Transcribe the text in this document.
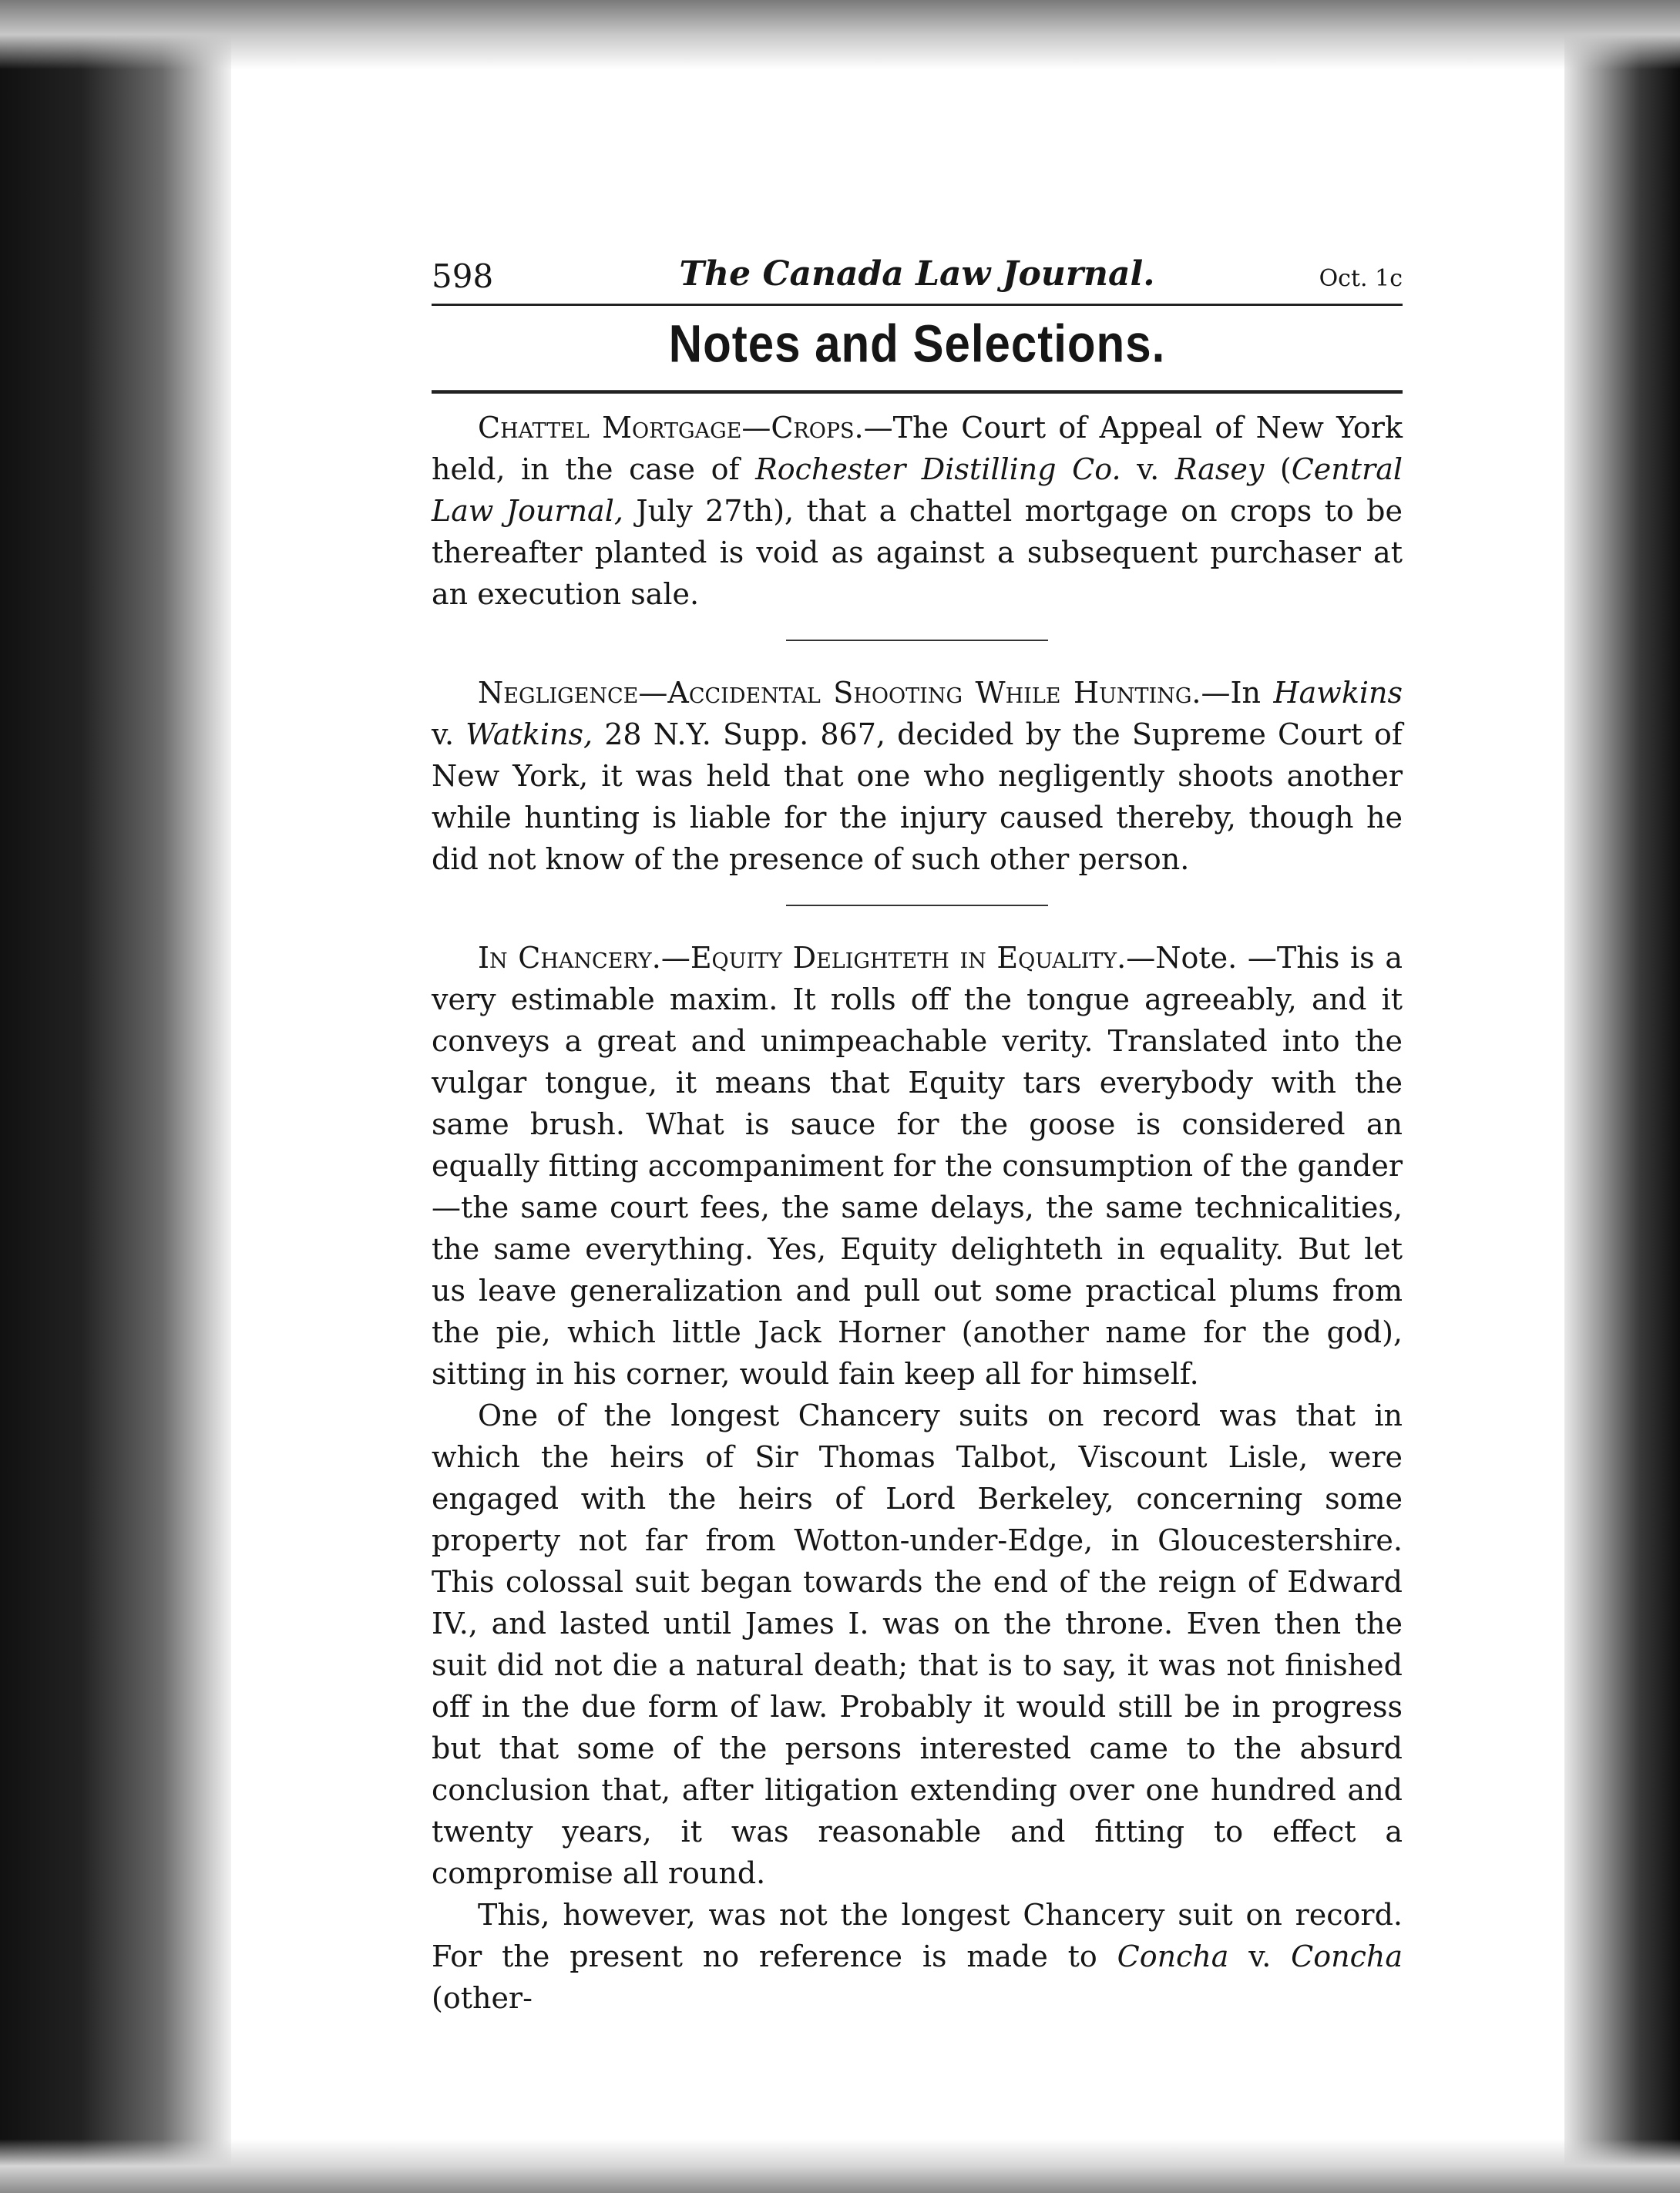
598	The Canada Law Journal.	Oct. 1c
Notes and Selections.

Chattel Mortgage—Crops.—The Court of Appeal of New York held, in the case of Rochester Distilling Co. v. Rasey (Central Law Journal, July 27th), that a chattel mortgage on crops to be thereafter planted is void as against a subsequent purchaser at an execution sale.

Negligence—Accidental Shooting While Hunting.—In Hawkins v. Watkins, 28 N.Y. Supp. 867, decided by the Supreme Court of New York, it was held that one who negligently shoots another while hunting is liable for the injury caused thereby, though he did not know of the presence of such other person.

In Chancery.—Equity Delighteth in Equality.—Note. —This is a very estimable maxim. It rolls off the tongue agreeably, and it conveys a great and unimpeachable verity. Translated into the vulgar tongue, it means that Equity tars everybody with the same brush. What is sauce for the goose is considered an equally fitting accompaniment for the consumption of the gander—the same court fees, the same delays, the same technicalities, the same everything. Yes, Equity delighteth in equality. But let us leave generalization and pull out some practical plums from the pie, which little Jack Horner (another name for the god), sitting in his corner, would fain keep all for himself.

One of the longest Chancery suits on record was that in which the heirs of Sir Thomas Talbot, Viscount Lisle, were engaged with the heirs of Lord Berkeley, concerning some property not far from Wotton-under-Edge, in Gloucestershire. This colossal suit began towards the end of the reign of Edward IV., and lasted until James I. was on the throne. Even then the suit did not die a natural death; that is to say, it was not finished off in the due form of law. Probably it would still be in progress but that some of the persons interested came to the absurd conclusion that, after litigation extending over one hundred and twenty years, it was reasonable and fitting to effect a compromise all round.

This, however, was not the longest Chancery suit on record. For the present no reference is made to Concha v. Concha (other-
